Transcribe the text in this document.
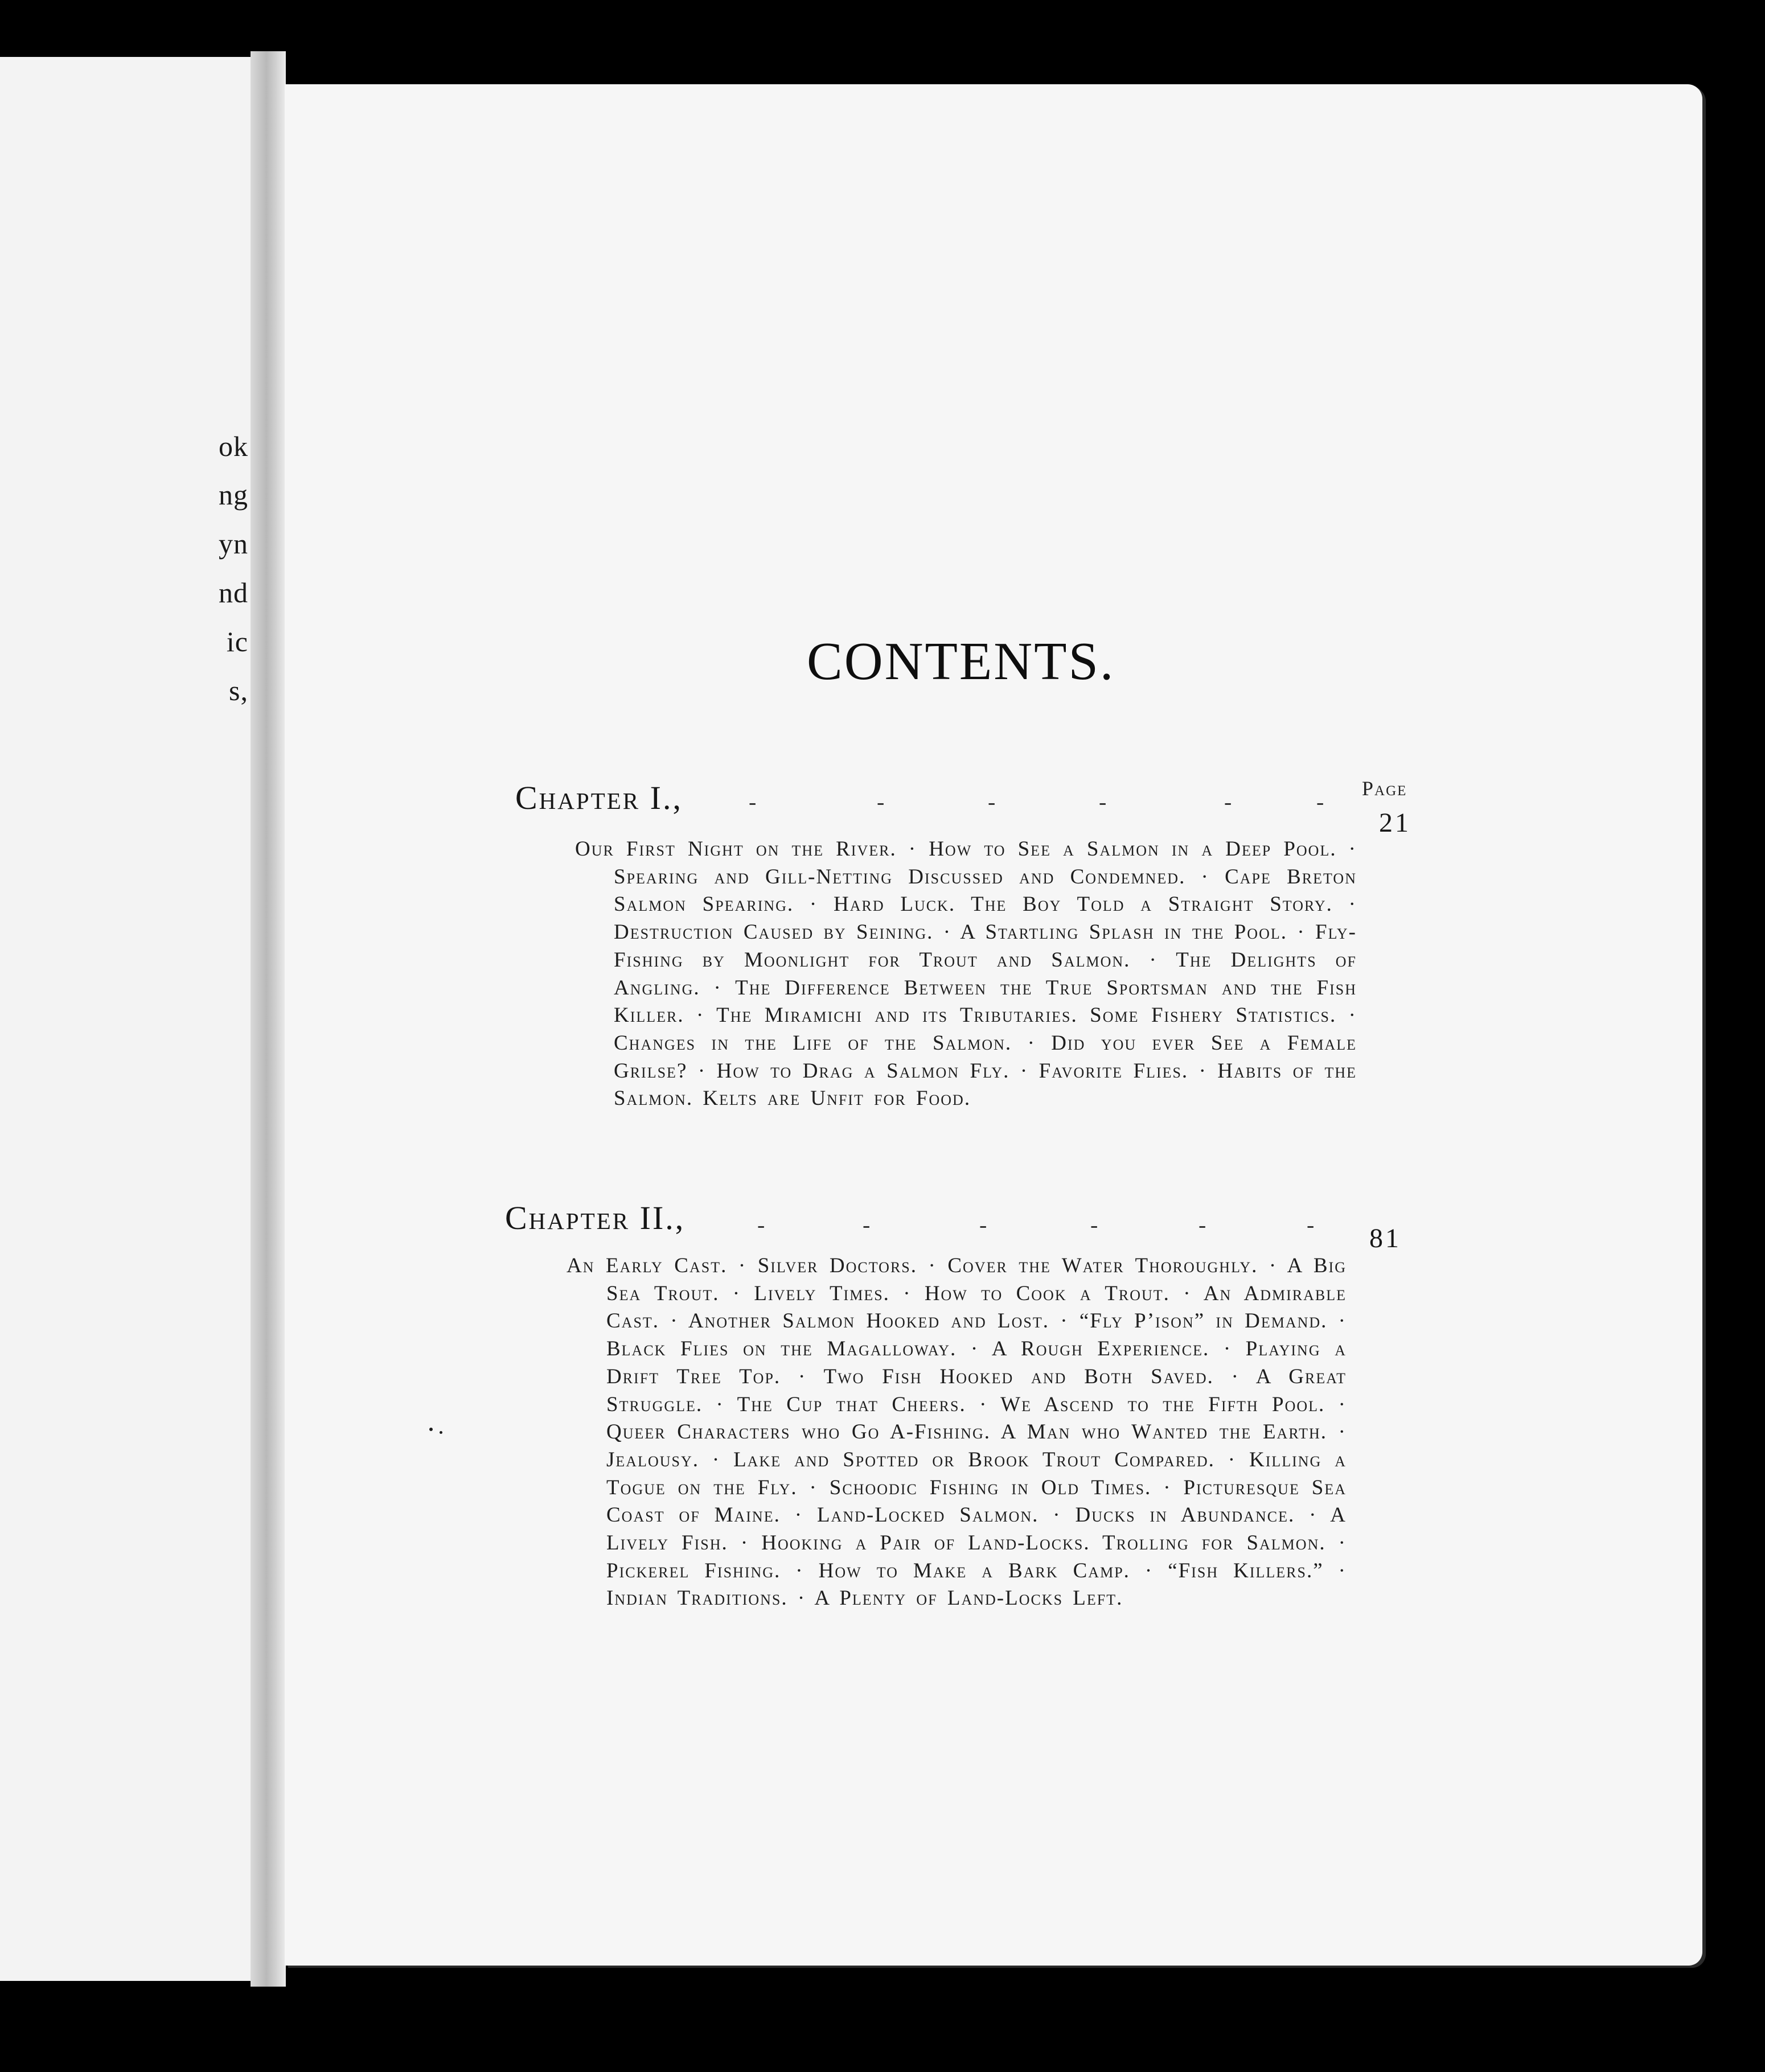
ok
ng
yn
nd
ic
s,	CONTENTS.
Page
Chapter I.,	-	-	-	-	-	-
21
Our First Night on the River. · How to See a Salmon in a Deep Pool. · Spearing and Gill-Netting Discussed and Condemned. · Cape Breton Salmon Spearing. · Hard Luck. The Boy Told a Straight Story. · Destruction Caused by Seining. · A Startling Splash in the Pool. · Fly-Fishing by Moonlight for Trout and Salmon. · The Delights of Angling. · The Difference Between the True Sportsman and the Fish Killer. · The Miramichi and its Tributaries. Some Fishery Statistics. · Changes in the Life of the Salmon. · Did you ever See a Female Grilse? · How to Drag a Salmon Fly. · Favorite Flies. · Habits of the Salmon. Kelts are Unfit for Food.
Chapter II.,	-	-	-	-	-	- 81
An Early Cast. · Silver Doctors. · Cover the Water Thoroughly. · A Big Sea Trout. · Lively Times. · How to Cook a Trout. · An Admirable Cast. · Another Salmon Hooked and Lost. · “Fly P’ison” in Demand. · Black Flies on the Magalloway. · A Rough Experience. · Playing a Drift Tree Top. · Two Fish Hooked and Both Saved. · A Great Struggle. · The Cup that Cheers. · We Ascend to the Fifth Pool. · Queer Characters who Go A-Fishing. A Man who Wanted the Earth. · Jealousy. · Lake and Spotted or Brook Trout Compared. · Killing a Togue on the Fly. · Schoodic Fishing in Old Times. · Picturesque Sea Coast of Maine. · Land-Locked Salmon. · Ducks in Abundance. · A Lively Fish. · Hooking a Pair of Land-Locks. Trolling for Salmon. · Pickerel Fishing. · How to Make a Bark Camp. · “Fish Killers.” · Indian Traditions. · A Plenty of Land-Locks Left.
